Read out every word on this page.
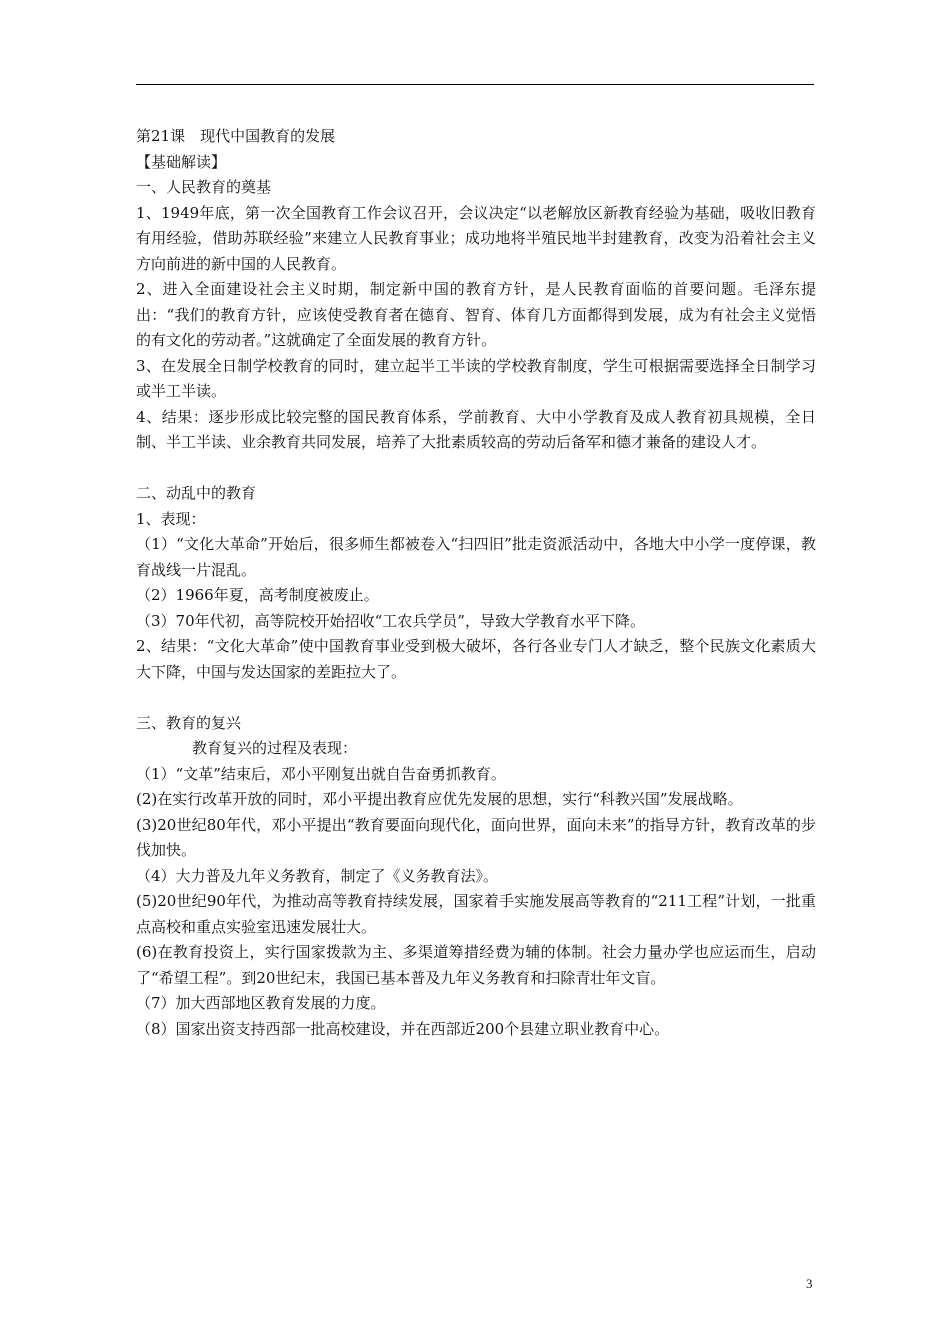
第21课　现代中国教育的发展

【基础解读】

一、人民教育的奠基

1、1949年底，第一次全国教育工作会议召开，会议决定“以老解放区新教育经验为基础，吸收旧教育有用经验，借助苏联经验”来建立人民教育事业；成功地将半殖民地半封建教育，改变为沿着社会主义方向前进的新中国的人民教育。

2、进入全面建设社会主义时期，制定新中国的教育方针，是人民教育面临的首要问题。毛泽东提出：“我们的教育方针，应该使受教育者在德育、智育、体育几方面都得到发展，成为有社会主义觉悟的有文化的劳动者。”这就确定了全面发展的教育方针。

3、在发展全日制学校教育的同时，建立起半工半读的学校教育制度，学生可根据需要选择全日制学习或半工半读。

4、结果：逐步形成比较完整的国民教育体系，学前教育、大中小学教育及成人教育初具规模，全日制、半工半读、业余教育共同发展，培养了大批素质较高的劳动后备军和德才兼备的建设人才。

二、动乱中的教育

1、表现：

（1）“文化大革命”开始后，很多师生都被卷入“扫四旧”批走资派活动中，各地大中小学一度停课，教育战线一片混乱。

（2）1966年夏，高考制度被废止。

（3）70年代初，高等院校开始招收“工农兵学员”，导致大学教育水平下降。

2、结果：“文化大革命”使中国教育事业受到极大破坏，各行各业专门人才缺乏，整个民族文化素质大大下降，中国与发达国家的差距拉大了。

三、教育的复兴

教育复兴的过程及表现：

（1）“文革”结束后，邓小平刚复出就自告奋勇抓教育。

(2)在实行改革开放的同时，邓小平提出教育应优先发展的思想，实行“科教兴国”发展战略。

(3)20世纪80年代，邓小平提出“教育要面向现代化，面向世界，面向未来”的指导方针，教育改革的步伐加快。

（4）大力普及九年义务教育，制定了《义务教育法》。

(5)20世纪90年代，为推动高等教育持续发展，国家着手实施发展高等教育的“211工程”计划，一批重点高校和重点实验室迅速发展壮大。

(6)在教育投资上，实行国家拨款为主、多渠道筹措经费为辅的体制。社会力量办学也应运而生，启动了“希望工程”。到20世纪末，我国已基本普及九年义务教育和扫除青壮年文盲。

（7）加大西部地区教育发展的力度。

（8）国家出资支持西部一批高校建设，并在西部近200个县建立职业教育中心。

3
